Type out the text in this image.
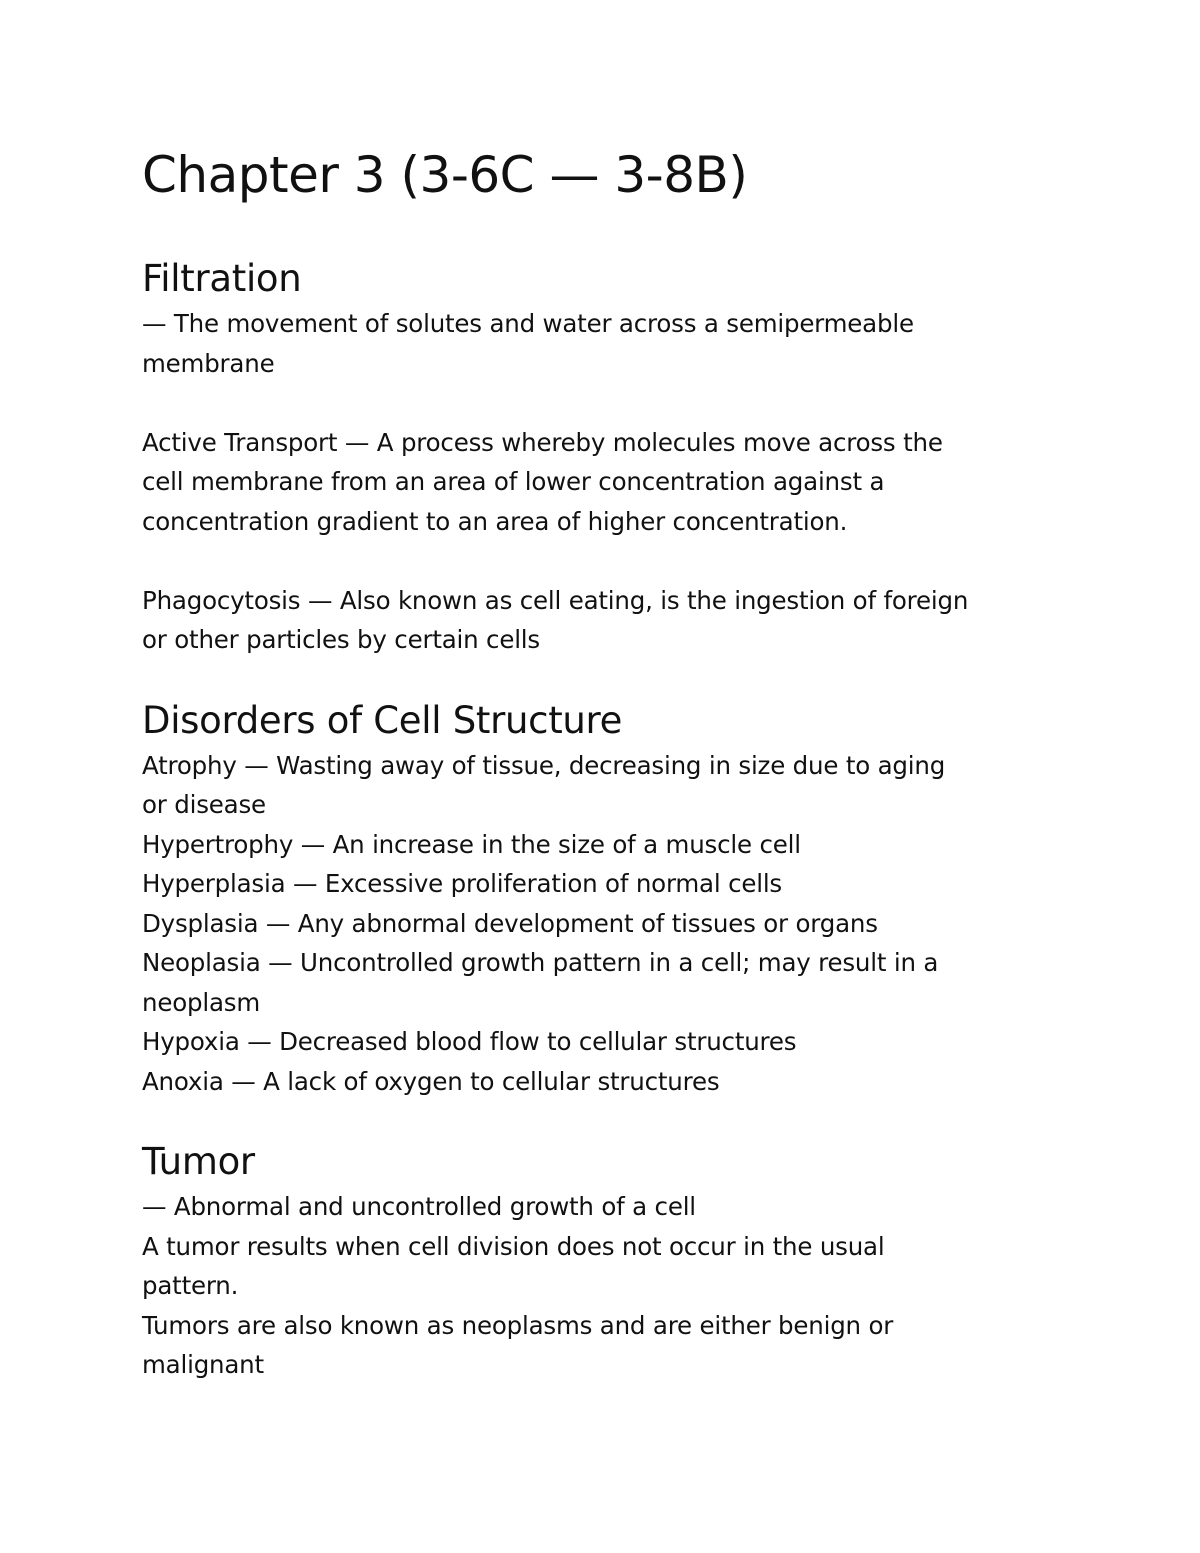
Chapter 3 (3-6C — 3-8B)
Filtration

— The movement of solutes and water across a semipermeable

membrane

Active Transport — A process whereby molecules move across the

cell membrane from an area of lower concentration against a

concentration gradient to an area of higher concentration.

Phagocytosis — Also known as cell eating, is the ingestion of foreign

or other particles by certain cells

Disorders of Cell Structure

Atrophy — Wasting away of tissue, decreasing in size due to aging

or disease

Hypertrophy — An increase in the size of a muscle cell

Hyperplasia — Excessive proliferation of normal cells

Dysplasia — Any abnormal development of tissues or organs

Neoplasia — Uncontrolled growth pattern in a cell; may result in a

neoplasm

Hypoxia — Decreased blood flow to cellular structures

Anoxia — A lack of oxygen to cellular structures

Tumor

— Abnormal and uncontrolled growth of a cell

A tumor results when cell division does not occur in the usual

pattern.

Tumors are also known as neoplasms and are either benign or

malignant
